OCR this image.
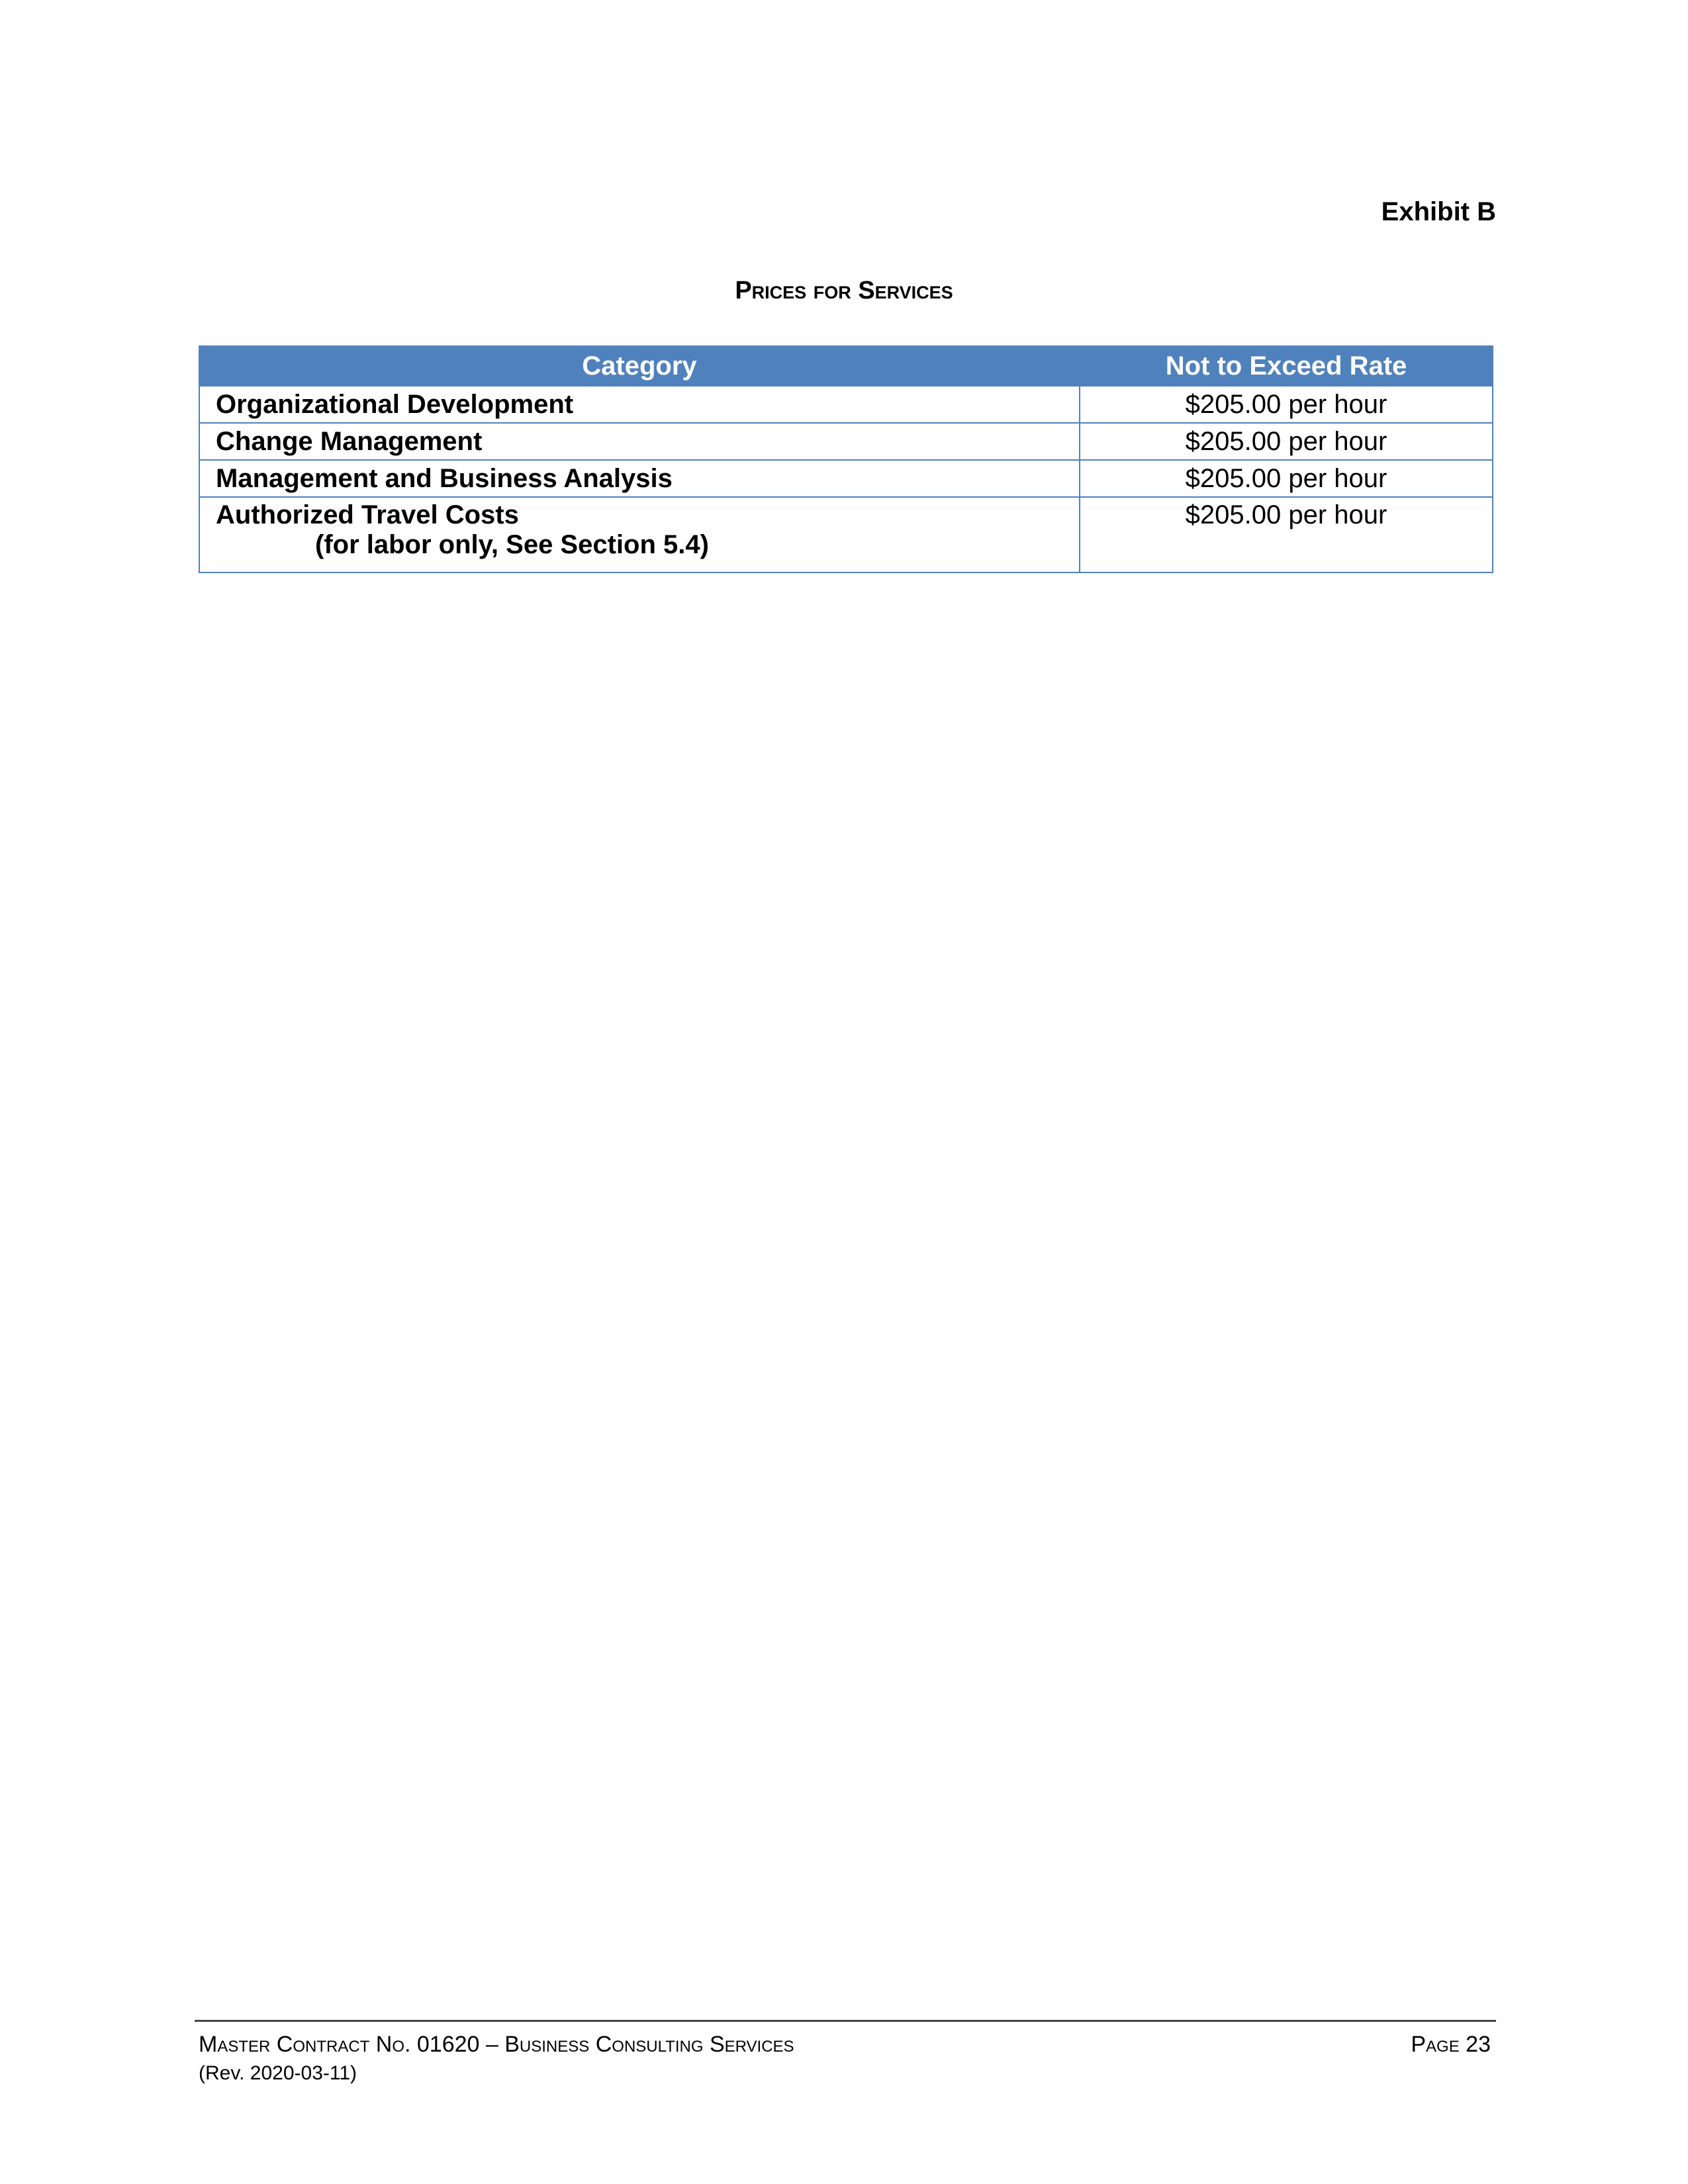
Exhibit B
Prices for Services
Category	Not to Exceed Rate
Organizational Development	$205.00 per hour
Change Management	$205.00 per hour
Management and Business Analysis	$205.00 per hour
Authorized Travel Costs
(for labor only, See Section 5.4)	$205.00 per hour
Master Contract No. 01620 – Business Consulting Services
(Rev. 2020-03-11)
Page 23
